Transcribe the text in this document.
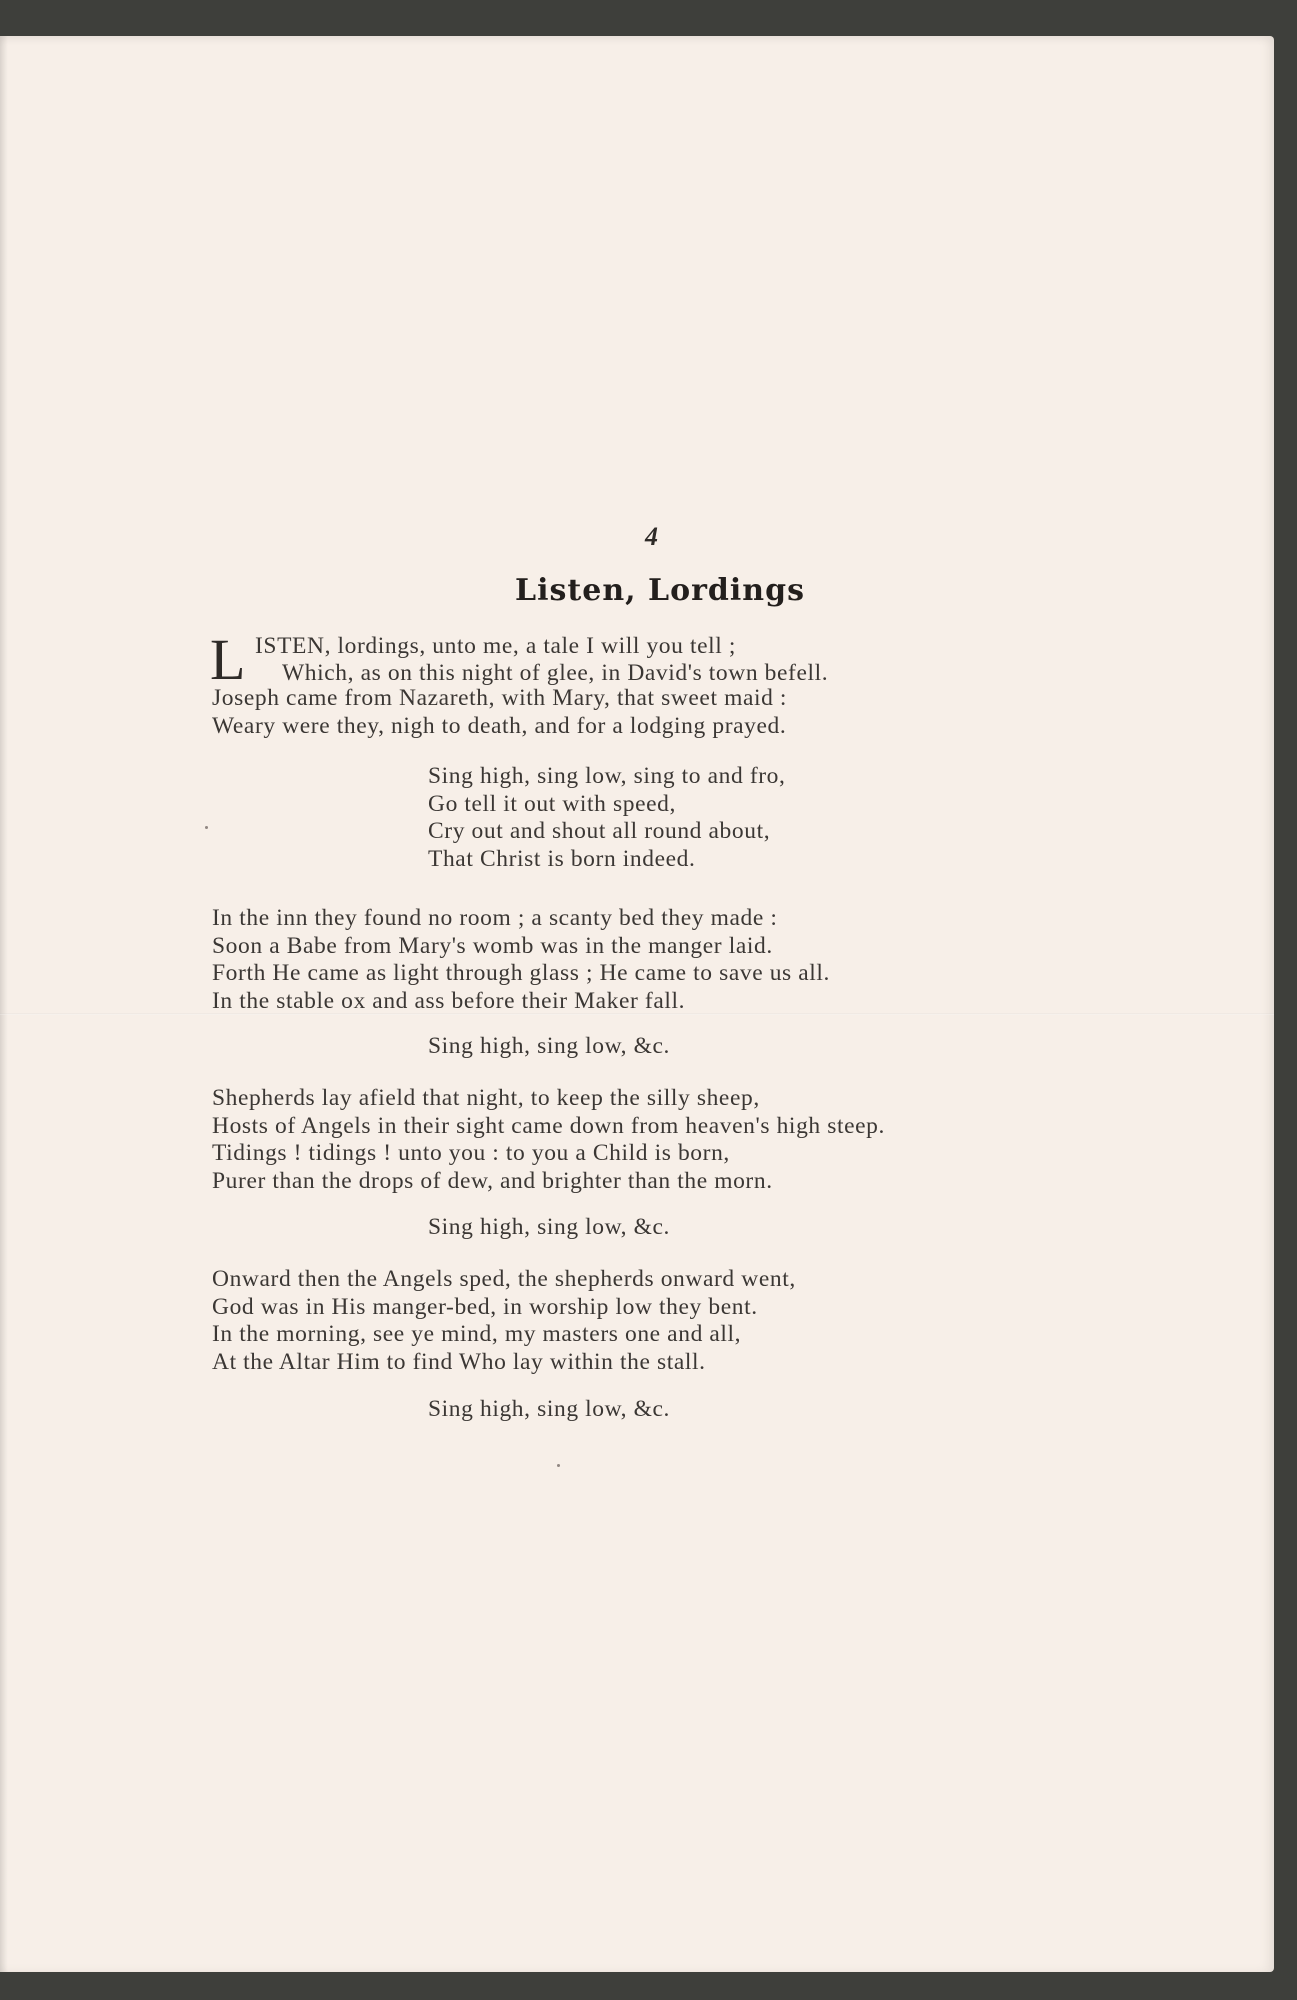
4
Listen, Lordings
L ISTEN, lordings, unto me, a tale I will you tell ;
Which, as on this night of glee, in David's town befell.
Joseph came from Nazareth, with Mary, that sweet maid :
Weary were they, nigh to death, and for a lodging prayed.
Sing high, sing low, sing to and fro,
Go tell it out with speed,
Cry out and shout all round about,
That Christ is born indeed.
In the inn they found no room ; a scanty bed they made :
Soon a Babe from Mary's womb was in the manger laid.
Forth He came as light through glass ; He came to save us all.
In the stable ox and ass before their Maker fall.
Sing high, sing low, &c.
Shepherds lay afield that night, to keep the silly sheep,
Hosts of Angels in their sight came down from heaven's high steep.
Tidings ! tidings ! unto you : to you a Child is born,
Purer than the drops of dew, and brighter than the morn.
Sing high, sing low, &c.
Onward then the Angels sped, the shepherds onward went,
God was in His manger-bed, in worship low they bent.
In the morning, see ye mind, my masters one and all,
At the Altar Him to find Who lay within the stall.
Sing high, sing low, &c.
